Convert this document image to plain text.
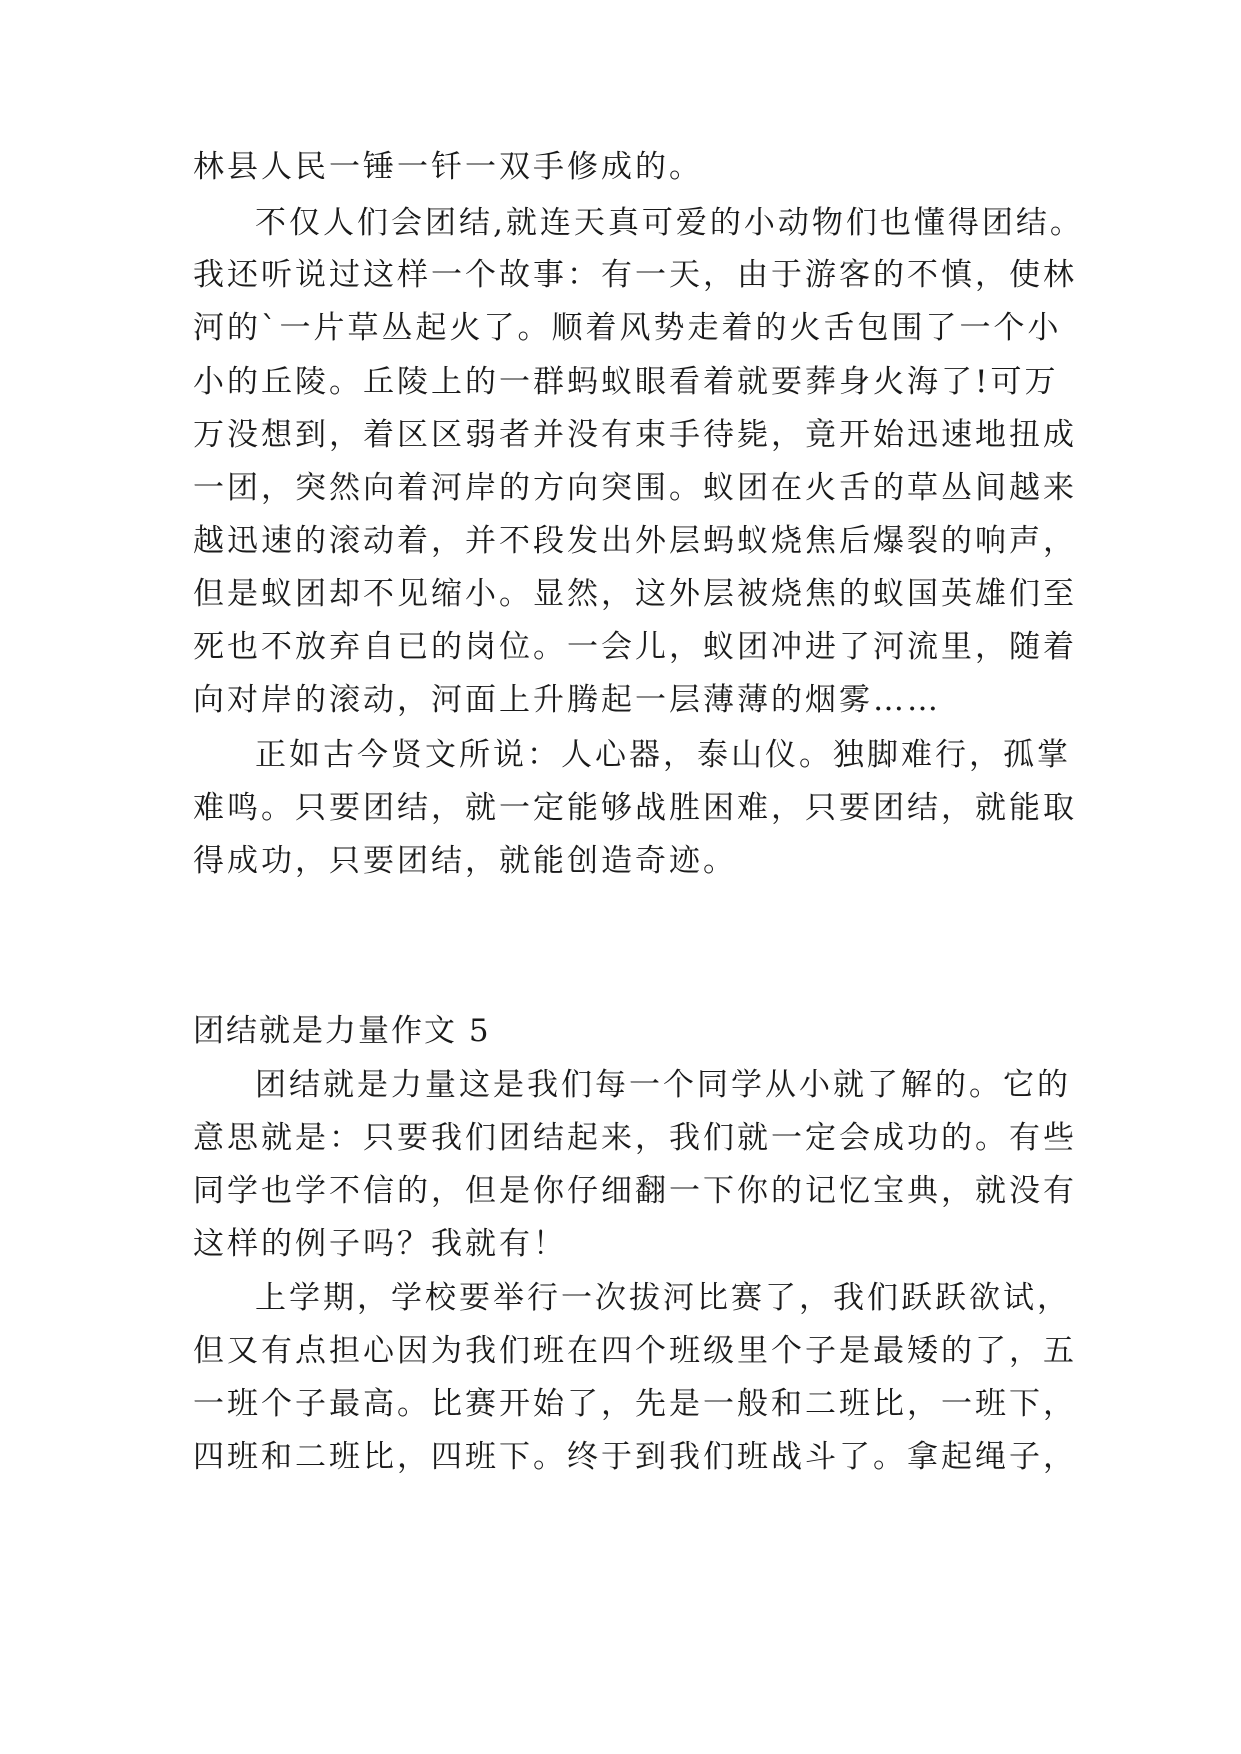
林县人民一锤一钎一双手修成的。
不仅人们会团结,就连天真可爱的小动物们也懂得团结。
我还听说过这样一个故事：有一天，由于游客的不慎，使林
河的`一片草丛起火了。顺着风势走着的火舌包围了一个小
小的丘陵。丘陵上的一群蚂蚁眼看着就要葬身火海了!可万
万没想到，着区区弱者并没有束手待毙，竟开始迅速地扭成
一团，突然向着河岸的方向突围。蚁团在火舌的草丛间越来
越迅速的滚动着，并不段发出外层蚂蚁烧焦后爆裂的响声，
但是蚁团却不见缩小。显然，这外层被烧焦的蚁国英雄们至
死也不放弃自已的岗位。一会儿，蚁团冲进了河流里，随着
向对岸的滚动，河面上升腾起一层薄薄的烟雾……
正如古今贤文所说：人心器，泰山仪。独脚难行，孤掌
难鸣。只要团结，就一定能够战胜困难，只要团结，就能取
得成功，只要团结，就能创造奇迹。
团结就是力量作文 5
团结就是力量这是我们每一个同学从小就了解的。它的
意思就是：只要我们团结起来，我们就一定会成功的。有些
同学也学不信的，但是你仔细翻一下你的记忆宝典，就没有
这样的例子吗？我就有！
上学期，学校要举行一次拔河比赛了，我们跃跃欲试，
但又有点担心因为我们班在四个班级里个子是最矮的了，五
一班个子最高。比赛开始了，先是一般和二班比，一班下，
四班和二班比，四班下。终于到我们班战斗了。拿起绳子，
